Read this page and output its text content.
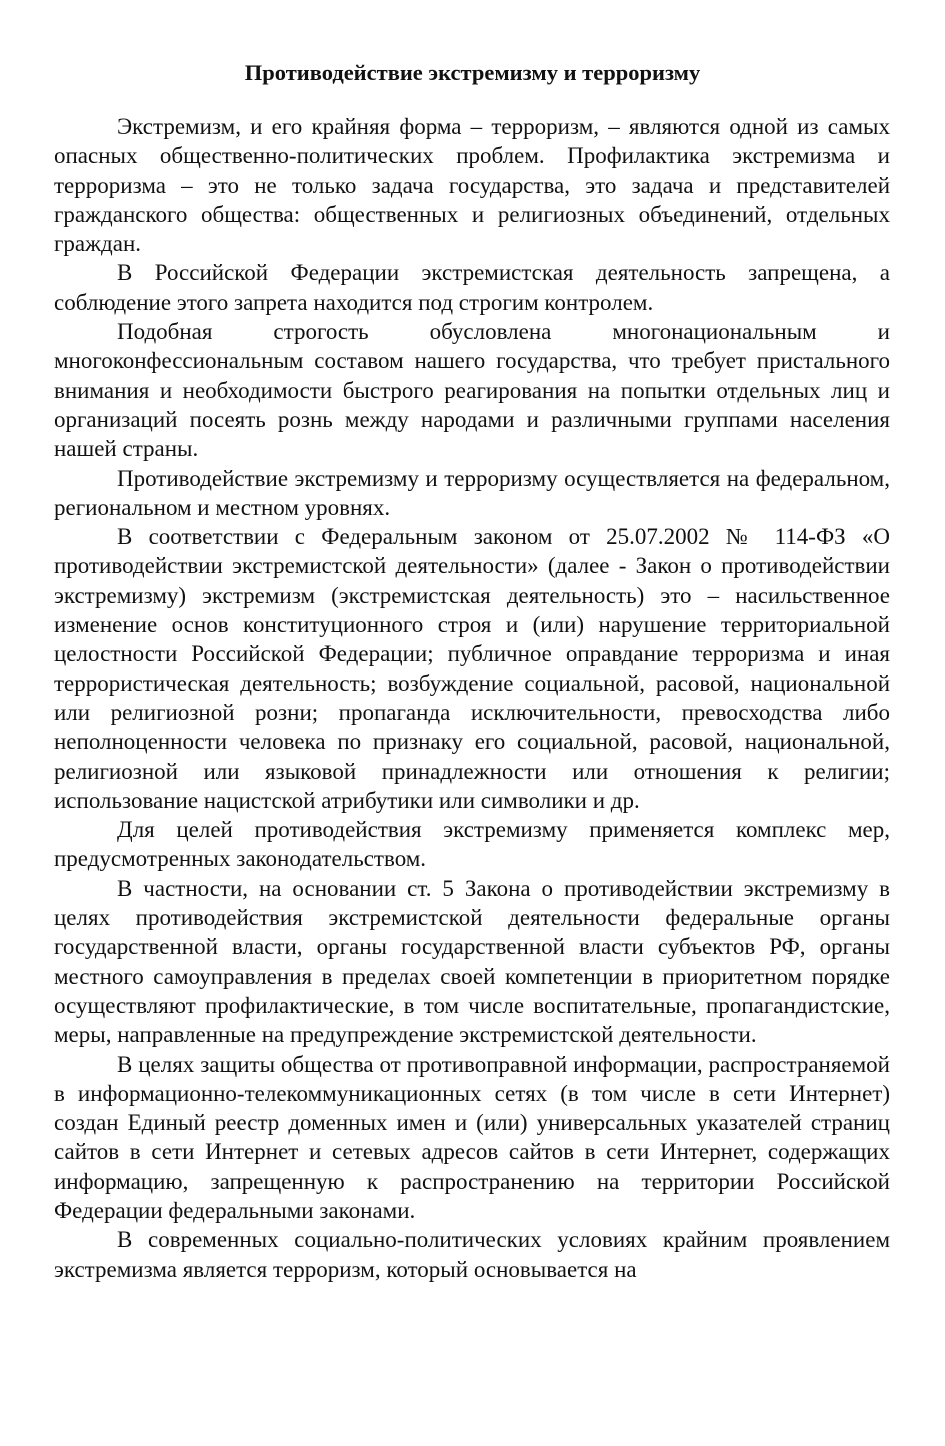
Противодействие экстремизму и терроризму

Экстремизм, и его крайняя форма – терроризм, – являются одной из самых опасных общественно-политических проблем. Профилактика экстремизма и терроризма – это не только задача государства, это задача и представителей гражданского общества: общественных и религиозных объединений, отдельных граждан.

В Российской Федерации экстремистская деятельность запрещена, а соблюдение этого запрета находится под строгим контролем.

Подобная строгость обусловлена многонациональным и многоконфессиональным составом нашего государства, что требует пристального внимания и необходимости быстрого реагирования на попытки отдельных лиц и организаций посеять рознь между народами и различными группами населения нашей страны.

Противодействие экстремизму и терроризму осуществляется на федеральном, региональном и местном уровнях.

В соответствии с Федеральным законом от 25.07.2002 № 114-ФЗ «О противодействии экстремистской деятельности» (далее - Закон о противодействии экстремизму) экстремизм (экстремистская деятельность) это – насильственное изменение основ конституционного строя и (или) нарушение территориальной целостности Российской Федерации; публичное оправдание терроризма и иная террористическая деятельность; возбуждение социальной, расовой, национальной или религиозной розни; пропаганда исключительности, превосходства либо неполноценности человека по признаку его социальной, расовой, национальной, религиозной или языковой принадлежности или отношения к религии; использование нацистской атрибутики или символики и др.

Для целей противодействия экстремизму применяется комплекс мер, предусмотренных законодательством.

В частности, на основании ст. 5 Закона о противодействии экстремизму в целях противодействия экстремистской деятельности федеральные органы государственной власти, органы государственной власти субъектов РФ, органы местного самоуправления в пределах своей компетенции в приоритетном порядке осуществляют профилактические, в том числе воспитательные, пропагандистские, меры, направленные на предупреждение экстремистской деятельности.

В целях защиты общества от противоправной информации, распространяемой в информационно-телекоммуникационных сетях (в том числе в сети Интернет) создан Единый реестр доменных имен и (или) универсальных указателей страниц сайтов в сети Интернет и сетевых адресов сайтов в сети Интернет, содержащих информацию, запрещенную к распространению на территории Российской Федерации федеральными законами.

В современных социально-политических условиях крайним проявлением экстремизма является терроризм, который основывается на
